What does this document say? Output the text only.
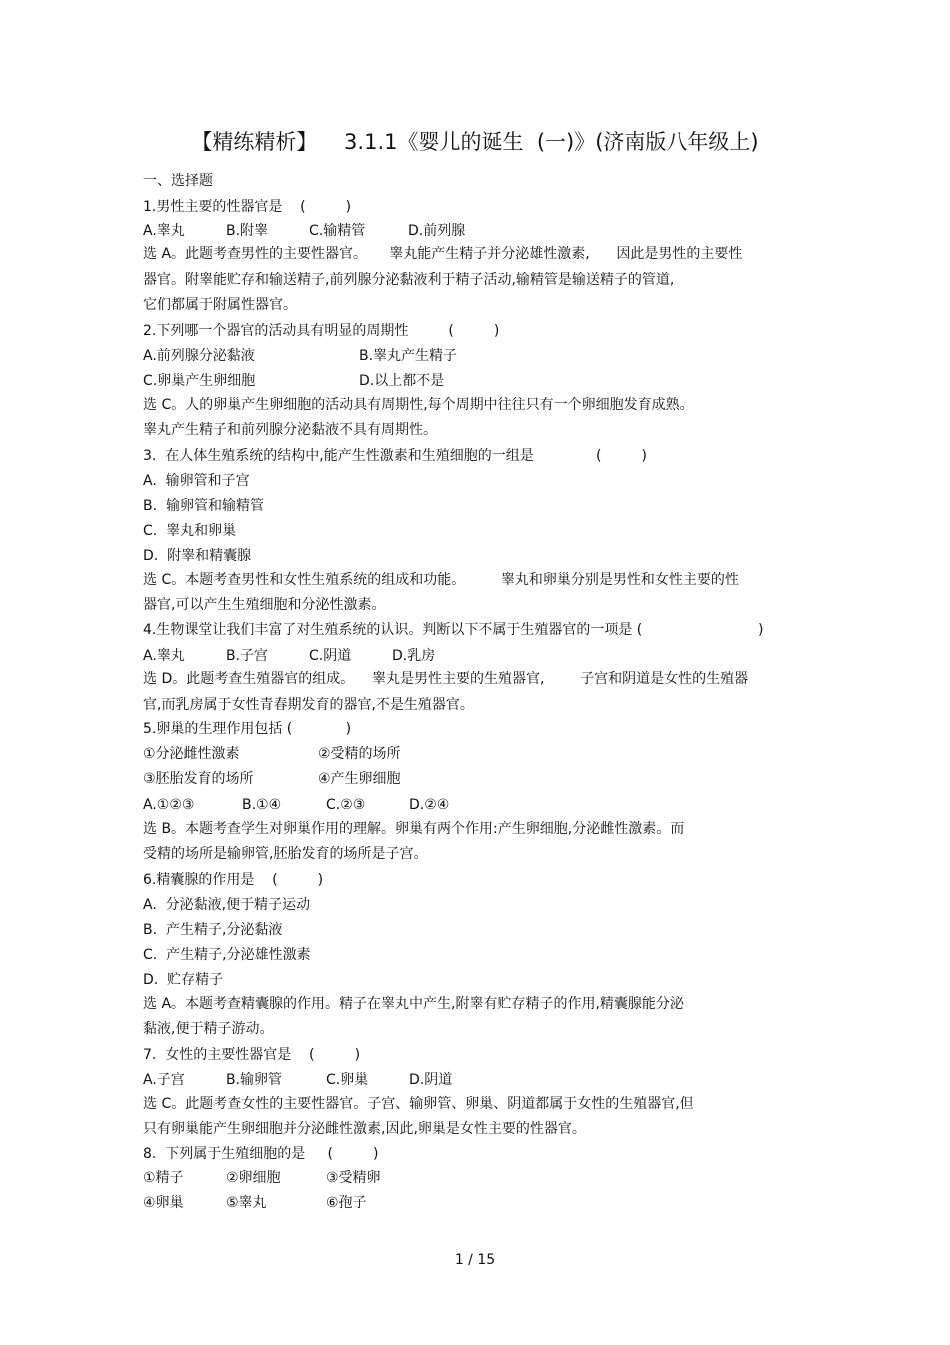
【精练精析】    3.1.1《婴儿的诞生  (一)》(济南版八年级上)
一、选择题
1.男性主要的性器官是    (         )
A.睾丸	B.附睾	C.输精管	D.前列腺
选 A。此题考查男性的主要性器官。     睾丸能产生精子并分泌雄性激素,      因此是男性的主要性
器官。附睾能贮存和输送精子,前列腺分泌黏液利于精子活动,输精管是输送精子的管道,
它们都属于附属性器官。
2.下列哪一个器官的活动具有明显的周期性         (         )
A.前列腺分泌黏液	B.睾丸产生精子
C.卵巢产生卵细胞	D.以上都不是
选 C。人的卵巢产生卵细胞的活动具有周期性,每个周期中往往只有一个卵细胞发育成熟。
睾丸产生精子和前列腺分泌黏液不具有周期性。
3.  在人体生殖系统的结构中,能产生性激素和生殖细胞的一组是              (         )
A.  输卵管和子宫
B.  输卵管和输精管
C.  睾丸和卵巢
D.  附睾和精囊腺
选 C。本题考查男性和女性生殖系统的组成和功能。        睾丸和卵巢分别是男性和女性主要的性
器官,可以产生生殖细胞和分泌性激素。
4.生物课堂让我们丰富了对生殖系统的认识。判断以下不属于生殖器官的一项是 (                          )
A.睾丸	B.子宫	C.阴道	D.乳房
选 D。此题考查生殖器官的组成。    睾丸是男性主要的生殖器官,        子宫和阴道是女性的生殖器
官,而乳房属于女性青春期发育的器官,不是生殖器官。
5.卵巢的生理作用包括 (            )
①分泌雌性激素	②受精的场所
③胚胎发育的场所	④产生卵细胞
A.①②③	B.①④	C.②③	D.②④
选 B。本题考查学生对卵巢作用的理解。卵巢有两个作用:产生卵细胞,分泌雌性激素。而
受精的场所是输卵管,胚胎发育的场所是子宫。
6.精囊腺的作用是    (         )
A.  分泌黏液,便于精子运动
B.  产生精子,分泌黏液
C.  产生精子,分泌雄性激素
D.  贮存精子
选 A。本题考查精囊腺的作用。精子在睾丸中产生,附睾有贮存精子的作用,精囊腺能分泌
黏液,便于精子游动。
7.  女性的主要性器官是    (         )
A.子宫	B.输卵管	C.卵巢	D.阴道
选 C。此题考查女性的主要性器官。子宫、输卵管、卵巢、阴道都属于女性的生殖器官,但
只有卵巢能产生卵细胞并分泌雌性激素,因此,卵巢是女性主要的性器官。
8.  下列属于生殖细胞的是     (         )
①精子	②卵细胞	③受精卵
④卵巢	⑤睾丸	⑥孢子
1 / 15
